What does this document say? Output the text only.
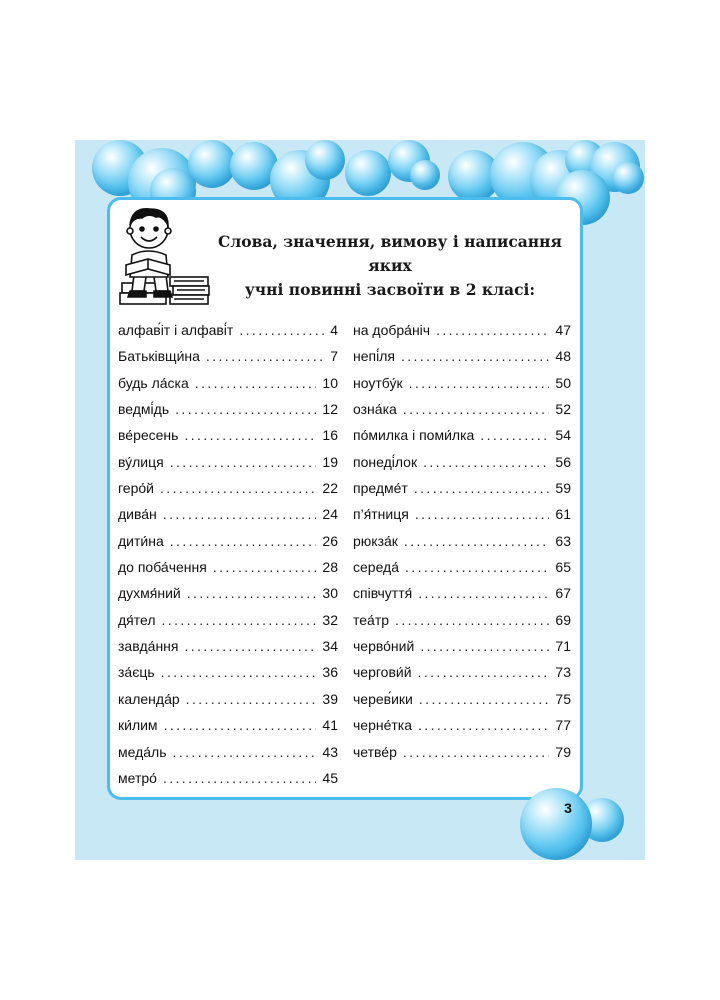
Слова, значення, вимову і написання яких
учні повинні засвоїти в 2 класі:
алфав́іт і алфаві́т .....	4
Батьківщи́на .....	7
будь ла́ска .....	10
ведмі́дь .....	12
ве́ресень .....	16
ву́лиця .....	19
геро́й .....	22
дива́н .....	24
дити́на .....	26
до поба́чення .....	28
духмя́ний .....	30
дя́тел .....	32
завда́ння .....	34
за́єць .....	36
календа́р .....	39
ки́лим .....	41
меда́ль .....	43
метро́ .....	45
на добра́ніч .....	47
непі́ля .....	48
ноутбу́к .....	50
озна́ка .....	52
по́милка і поми́лка .....	54
понеді́лок .....	56
предме́т .....	59
п’я́тниця .....	61
рюкза́к .....	63
середа́ .....	65
співчуття́ .....	67
теа́тр .....	69
черво́ний .....	71
чергови́й .....	73
черев́ики .....	75
черне́тка .....	77
четве́р .....	79
3
